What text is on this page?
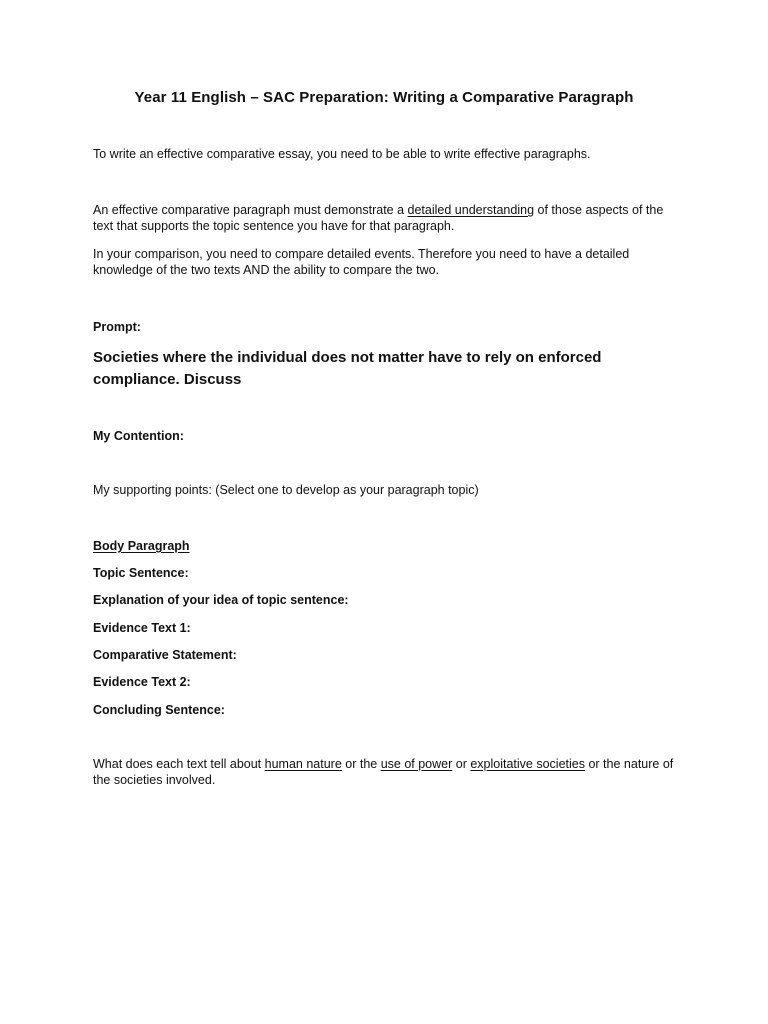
Year 11 English – SAC Preparation: Writing a Comparative Paragraph
To write an effective comparative essay, you need to be able to write effective paragraphs.
An effective comparative paragraph must demonstrate a detailed understanding of those aspects of the text that supports the topic sentence you have for that paragraph.
In your comparison, you need to compare detailed events. Therefore you need to have a detailed knowledge of the two texts AND the ability to compare the two.
Prompt:
Societies where the individual does not matter have to rely on enforced compliance. Discuss
My Contention:
My supporting points: (Select one to develop as your paragraph topic)
Body Paragraph
Topic Sentence:
Explanation of your idea of topic sentence:
Evidence Text 1:
Comparative Statement:
Evidence Text 2:
Concluding Sentence:
What does each text tell about human nature or the use of power or exploitative societies or the nature of the societies involved.
